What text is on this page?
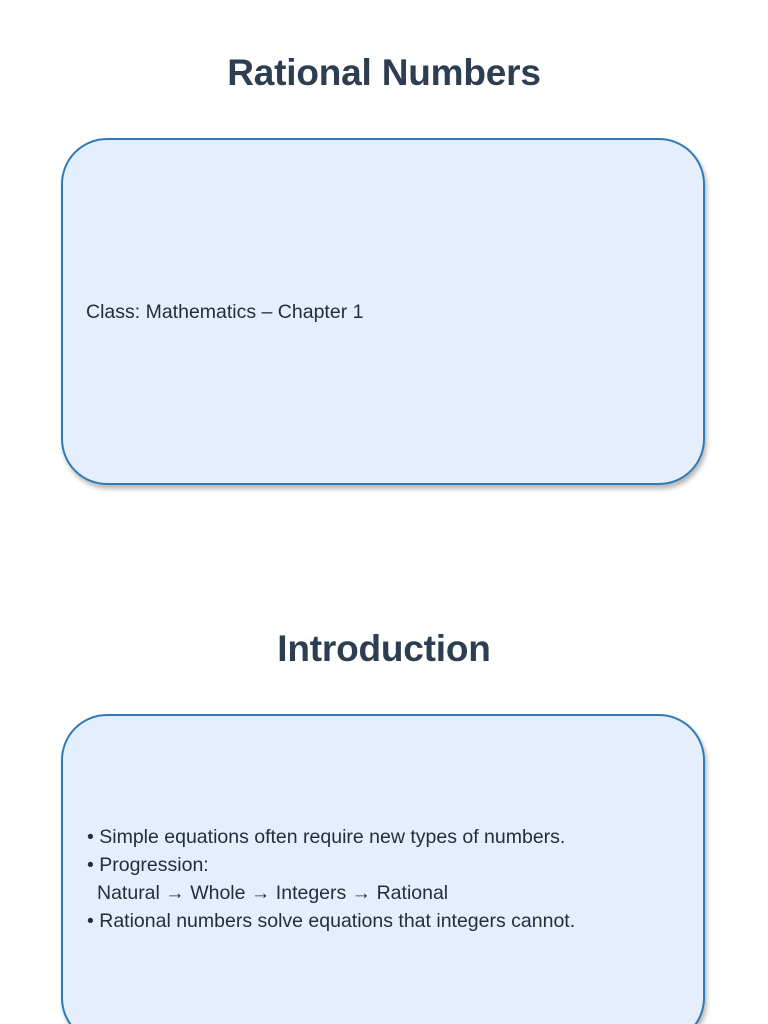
Rational Numbers

Class: Mathematics – Chapter 1

Introduction
• Simple equations often require new types of numbers.
• Progression:
Natural → Whole → Integers → Rational
• Rational numbers solve equations that integers cannot.
